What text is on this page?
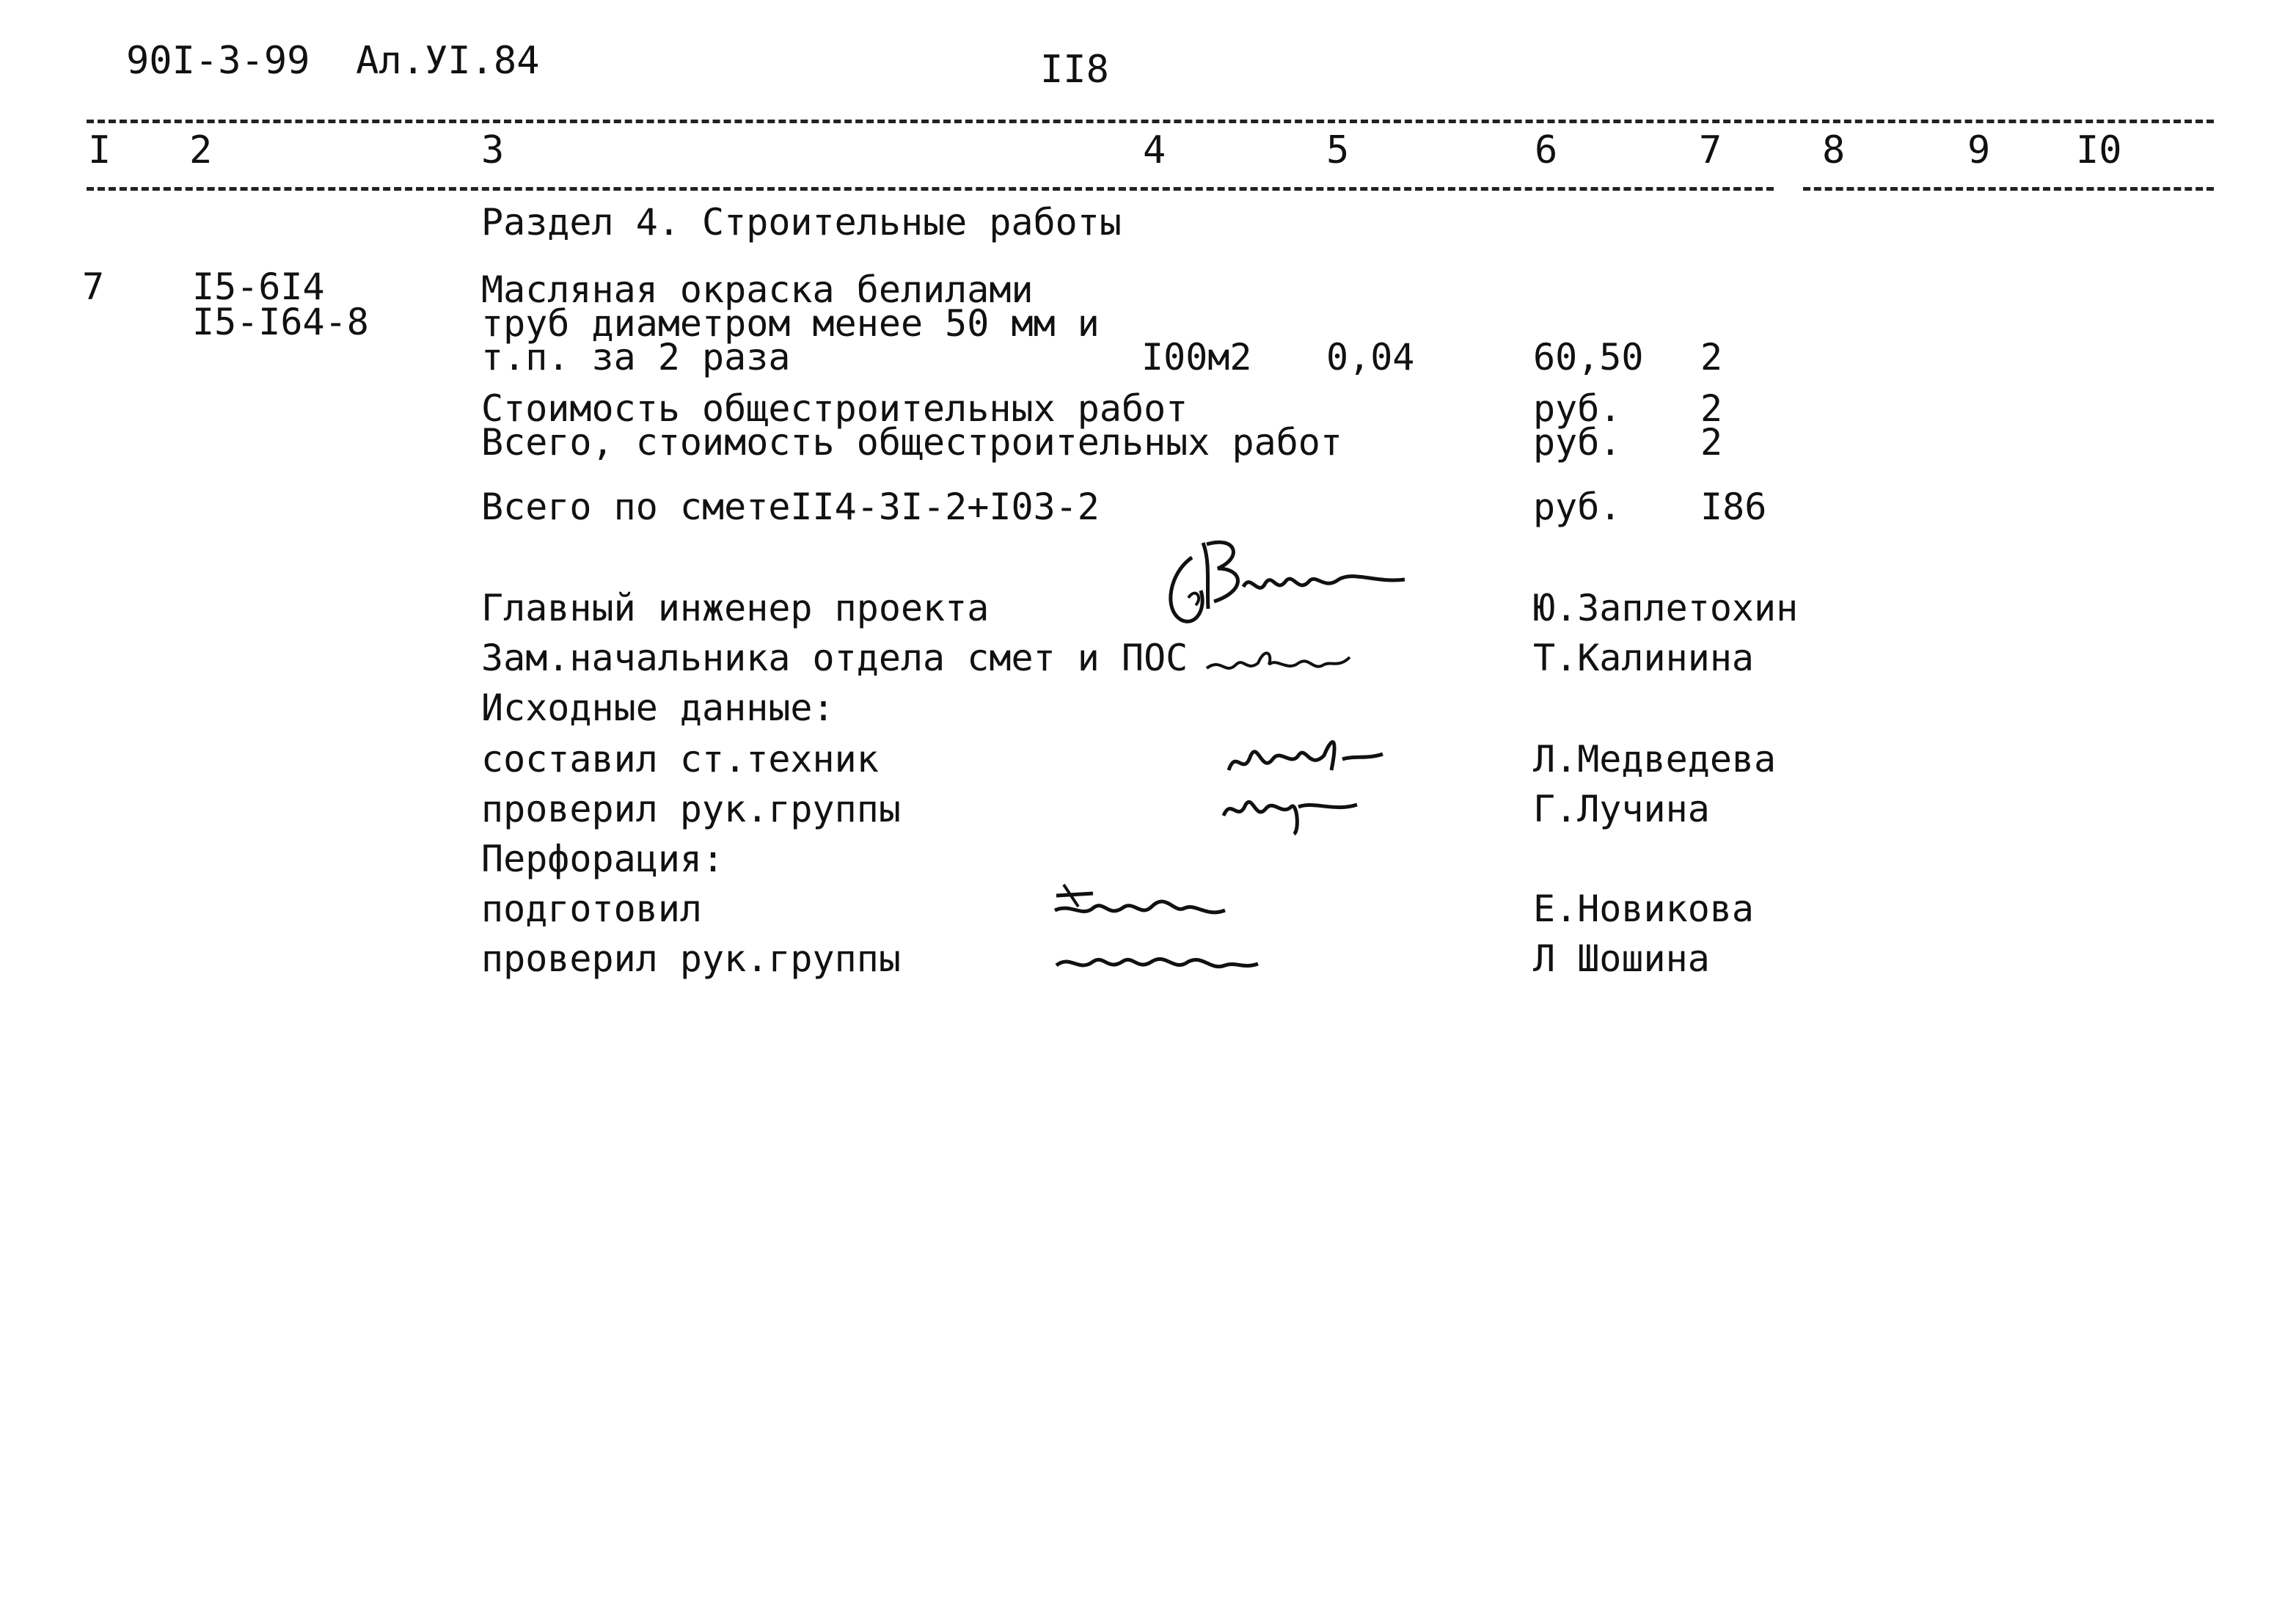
90I-3-99  Ал.УI.84	II8
I 2	3	4	5	6	7	8	9 I0
Раздел 4. Строительные работы
7 I5-6I4
I5-I64-8
Масляная окраска белилами
труб диаметром менее 50 мм и
т.п. за 2 раза	I00м2 0,04	60,50 2
Стоимость общестроительных работ	руб. 2
Всего, стоимость общестроительных работ	руб. 2
Всего по сметеII4-3I-2+I03-2	руб. I86
Главный инженер проекта	Ю.Заплетохин
Зам.начальника отдела смет и ПОС	Т.Калинина
Исходные данные:
составил ст.техник	Л.Медведева
проверил рук.группы	Г.Лучина
Перфорация:
подготовил	Е.Новикова
проверил рук.группы	Л Шошина
